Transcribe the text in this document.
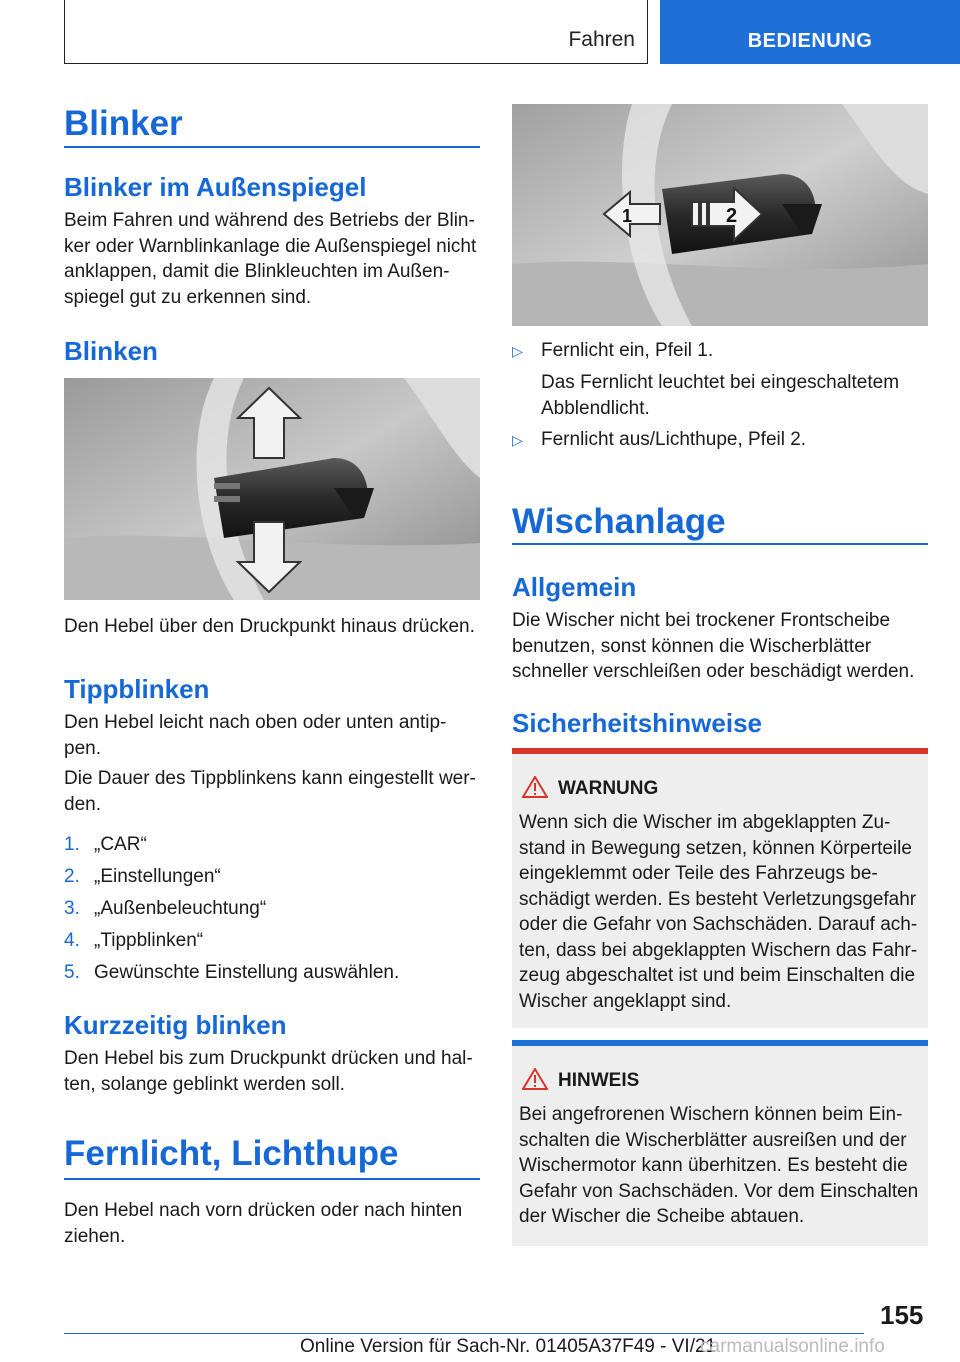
Fahren	BEDIENUNG
Blinker
Blinker im Außenspiegel
Beim Fahren und während des Betriebs der Blin-
ker oder Warnblinkanlage die Außenspiegel nicht
anklappen, damit die Blinkleuchten im Außen-
spiegel gut zu erkennen sind.
Blinken
Den Hebel über den Druckpunkt hinaus drücken.
Tippblinken
Den Hebel leicht nach oben oder unten antip-
pen.
Die Dauer des Tippblinkens kann eingestellt wer-
den.
1. „CAR“
2. „Einstellungen“
3. „Außenbeleuchtung“
4. „Tippblinken“
5. Gewünschte Einstellung auswählen.
Kurzzeitig blinken
Den Hebel bis zum Druckpunkt drücken und hal-
ten, solange geblinkt werden soll.
Fernlicht, Lichthupe
Den Hebel nach vorn drücken oder nach hinten
ziehen.
1	2
▷ Fernlicht ein, Pfeil 1.
Das Fernlicht leuchtet bei eingeschaltetem
Abblendlicht.
▷ Fernlicht aus/Lichthupe, Pfeil 2.
Wischanlage
Allgemein
Die Wischer nicht bei trockener Frontscheibe
benutzen, sonst können die Wischerblätter
schneller verschleißen oder beschädigt werden.
Sicherheitshinweise
WARNUNG
Wenn sich die Wischer im abgeklappten Zu-
stand in Bewegung setzen, können Körperteile
eingeklemmt oder Teile des Fahrzeugs be-
schädigt werden. Es besteht Verletzungsgefahr
oder die Gefahr von Sachschäden. Darauf ach-
ten, dass bei abgeklappten Wischern das Fahr-
zeug abgeschaltet ist und beim Einschalten die
Wischer angeklappt sind.
HINWEIS
Bei angefrorenen Wischern können beim Ein-
schalten die Wischerblätter ausreißen und der
Wischermotor kann überhitzen. Es besteht die
Gefahr von Sachschäden. Vor dem Einschalten
der Wischer die Scheibe abtauen.
155
Online Version für Sach-Nr. 01405A37F49 - VI/21
carmanualsonline.info
